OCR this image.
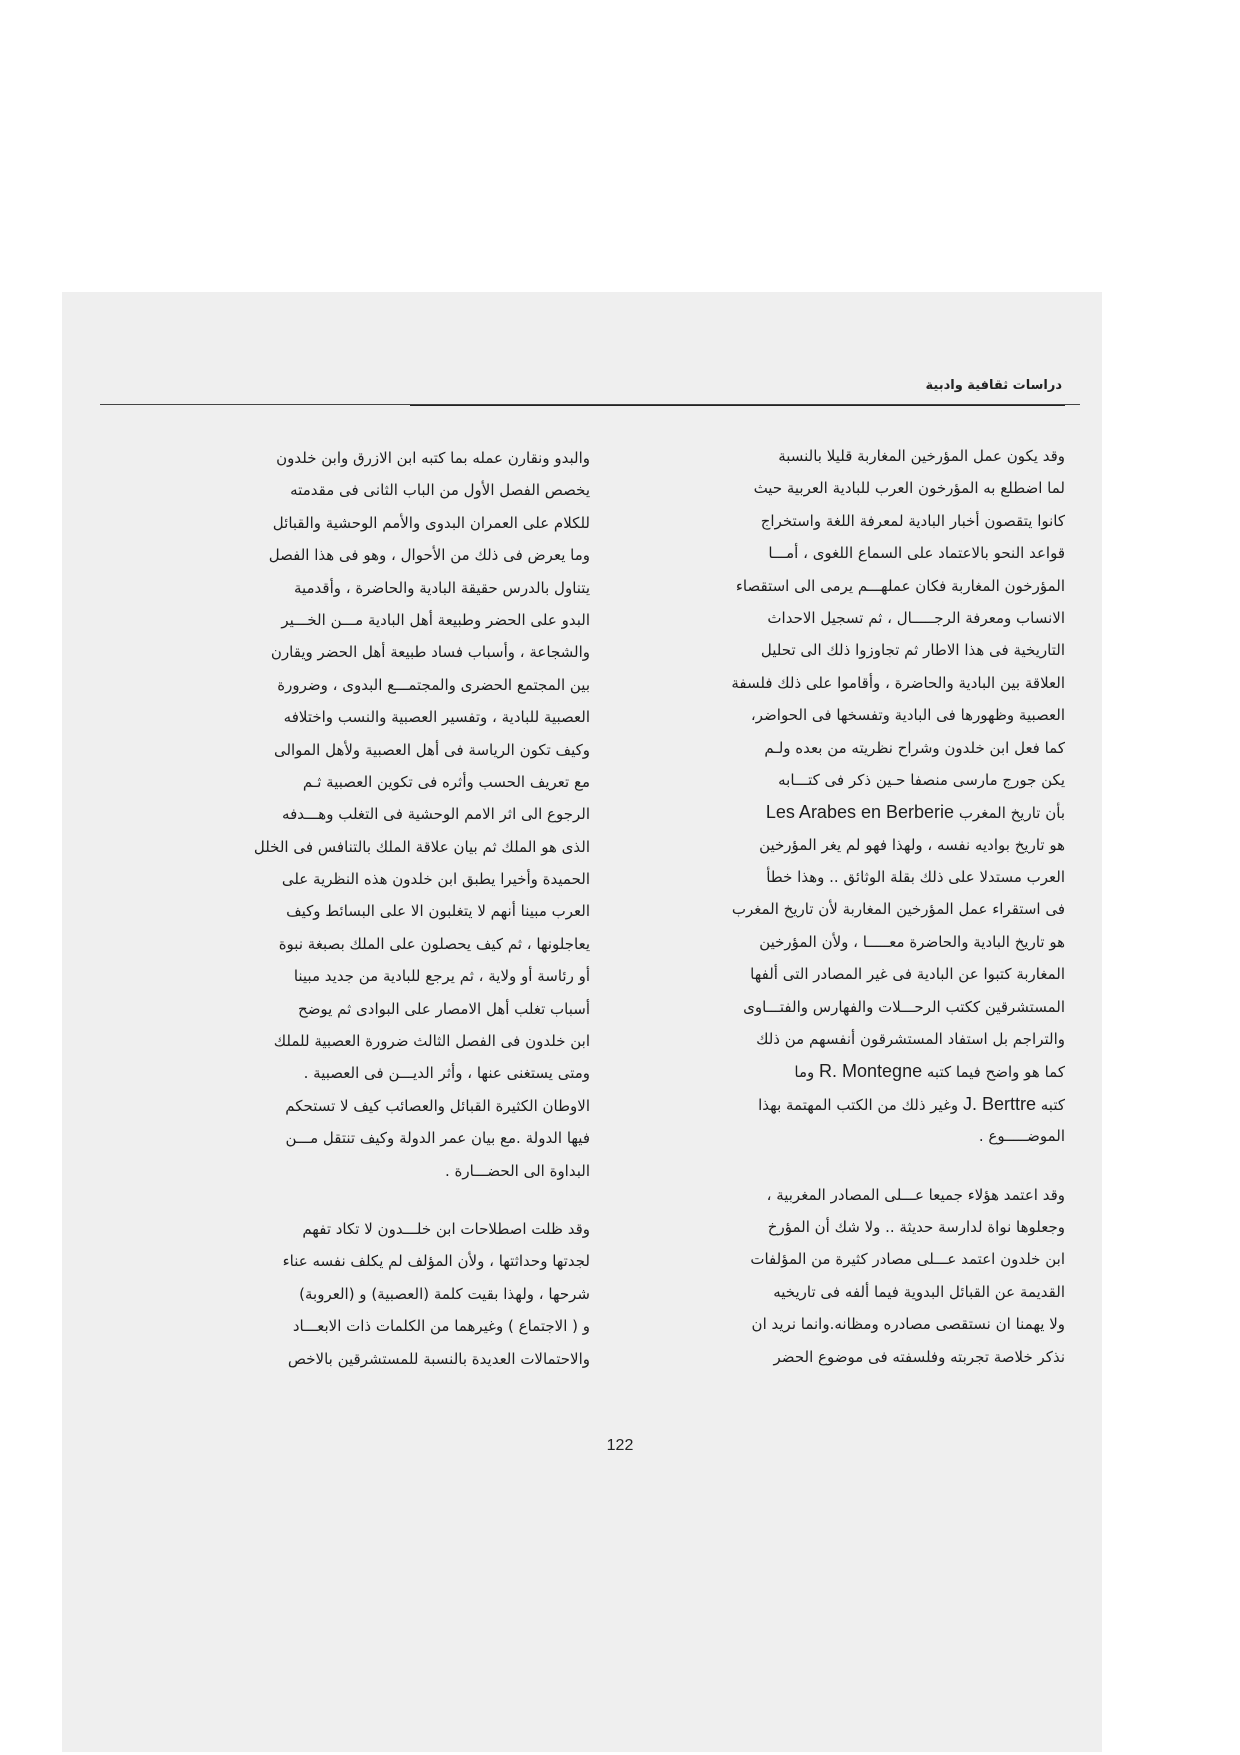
دراسات ثقافية وادبية
وقد يكون عمل المؤرخين المغاربة قليلا بالنسبة
لما اضطلع به المؤرخون العرب للبادية العربية حيث
كانوا يتقصون أخبار البادية لمعرفة اللغة واستخراج
قواعد النحو بالاعتماد على السماع اللغوى ، أمـــا
المؤرخون المغاربة فكان عملهـــم يرمى الى استقصاء
الانساب ومعرفة الرجـــــال ، ثم تسجيل الاحداث
التاريخية فى هذا الاطار ثم تجاوزوا ذلك الى تحليل
العلاقة بين البادية والحاضرة ، وأقاموا على ذلك فلسفة
العصبية وظهورها فى البادية وتفسخها فى الحواضر،
كما فعل ابن خلدون وشراح نظريته من بعده ولـم
يكن جورج مارسى منصفا حـين ذكر فى كتـــابه
بأن تاريخ المغرب Les Arabes en Berberie
هو تاريخ بواديه نفسه ، ولهذا فهو لم يغر المؤرخين
العرب مستدلا على ذلك بقلة الوثائق .. وهذا خطأ
فى استقراء عمل المؤرخين المغاربة لأن تاريخ المغرب
هو تاريخ البادية والحاضرة معـــــا ، ولأن المؤرخين
المغاربة كتبوا عن البادية فى غير المصادر التى ألفها
المستشرقين ككتب الرحـــلات والفهارس والفتـــاوى
والتراجم بل استفاد المستشرقون أنفسهم من ذلك
كما هو واضح فيما كتبه R. Montegne وما
كتبه J. Berttre وغير ذلك من الكتب المهتمة بهذا
الموضـــــوع .
وقد اعتمد هؤلاء جميعا عـــلى المصادر المغربية ،
وجعلوها نواة لدارسة حديثة .. ولا شك أن المؤرخ
ابن خلدون اعتمد عـــلى مصادر كثيرة من المؤلفات
القديمة عن القبائل البدوية فيما ألفه فى تاريخيه
ولا يهمنا ان نستقصى مصادره ومظانه.وانما نريد ان
نذكر خلاصة تجربته وفلسفته فى موضوع الحضر
والبدو ونقارن عمله بما كتبه ابن الازرق وابن خلدون
يخصص الفصل الأول من الباب الثانى فى مقدمته
للكلام على العمران البدوى والأمم الوحشية والقبائل
وما يعرض فى ذلك من الأحوال ، وهو فى هذا الفصل
يتناول بالدرس حقيقة البادية والحاضرة ، وأقدمية
البدو على الحضر وطبيعة أهل البادية مـــن الخـــير
والشجاعة ، وأسباب فساد طبيعة أهل الحضر ويقارن
بين المجتمع الحضرى والمجتمـــع البدوى ، وضرورة
العصبية للبادية ، وتفسير العصبية والنسب واختلافه
وكيف تكون الرياسة فى أهل العصبية ولأهل الموالى
مع تعريف الحسب وأثره فى تكوين العصبية ثـم
الرجوع الى اثر الامم الوحشية فى التغلب وهـــدفه
الذى هو الملك ثم بيان علاقة الملك بالتنافس فى الخلل
الحميدة وأخيرا يطبق ابن خلدون هذه النظرية على
العرب مبينا أنهم لا يتغلبون الا على البسائط وكيف
يعاجلونها ، ثم كيف يحصلون على الملك بصبغة نبوة
أو رئاسة أو ولاية ، ثم يرجع للبادية من جديد مبينا
أسباب تغلب أهل الامصار على البوادى ثم يوضح
ابن خلدون فى الفصل الثالث ضرورة العصبية للملك
ومتى يستغنى عنها ، وأثر الديـــن فى العصبية .
الاوطان الكثيرة القبائل والعصائب كيف لا تستحكم
فيها الدولة .مع بيان عمر الدولة وكيف تنتقل مـــن
البداوة الى الحضـــارة .
وقد ظلت اصطلاحات ابن خلـــدون لا تكاد تفهم
لجدتها وحداثتها ، ولأن المؤلف لم يكلف نفسه عناء
شرحها ، ولهذا بقيت كلمة (العصبية) و (العروبة)
و ( الاجتماع ) وغيرهما من الكلمات ذات الابعـــاد
والاحتمالات العديدة بالنسبة للمستشرقين بالاخص
122
